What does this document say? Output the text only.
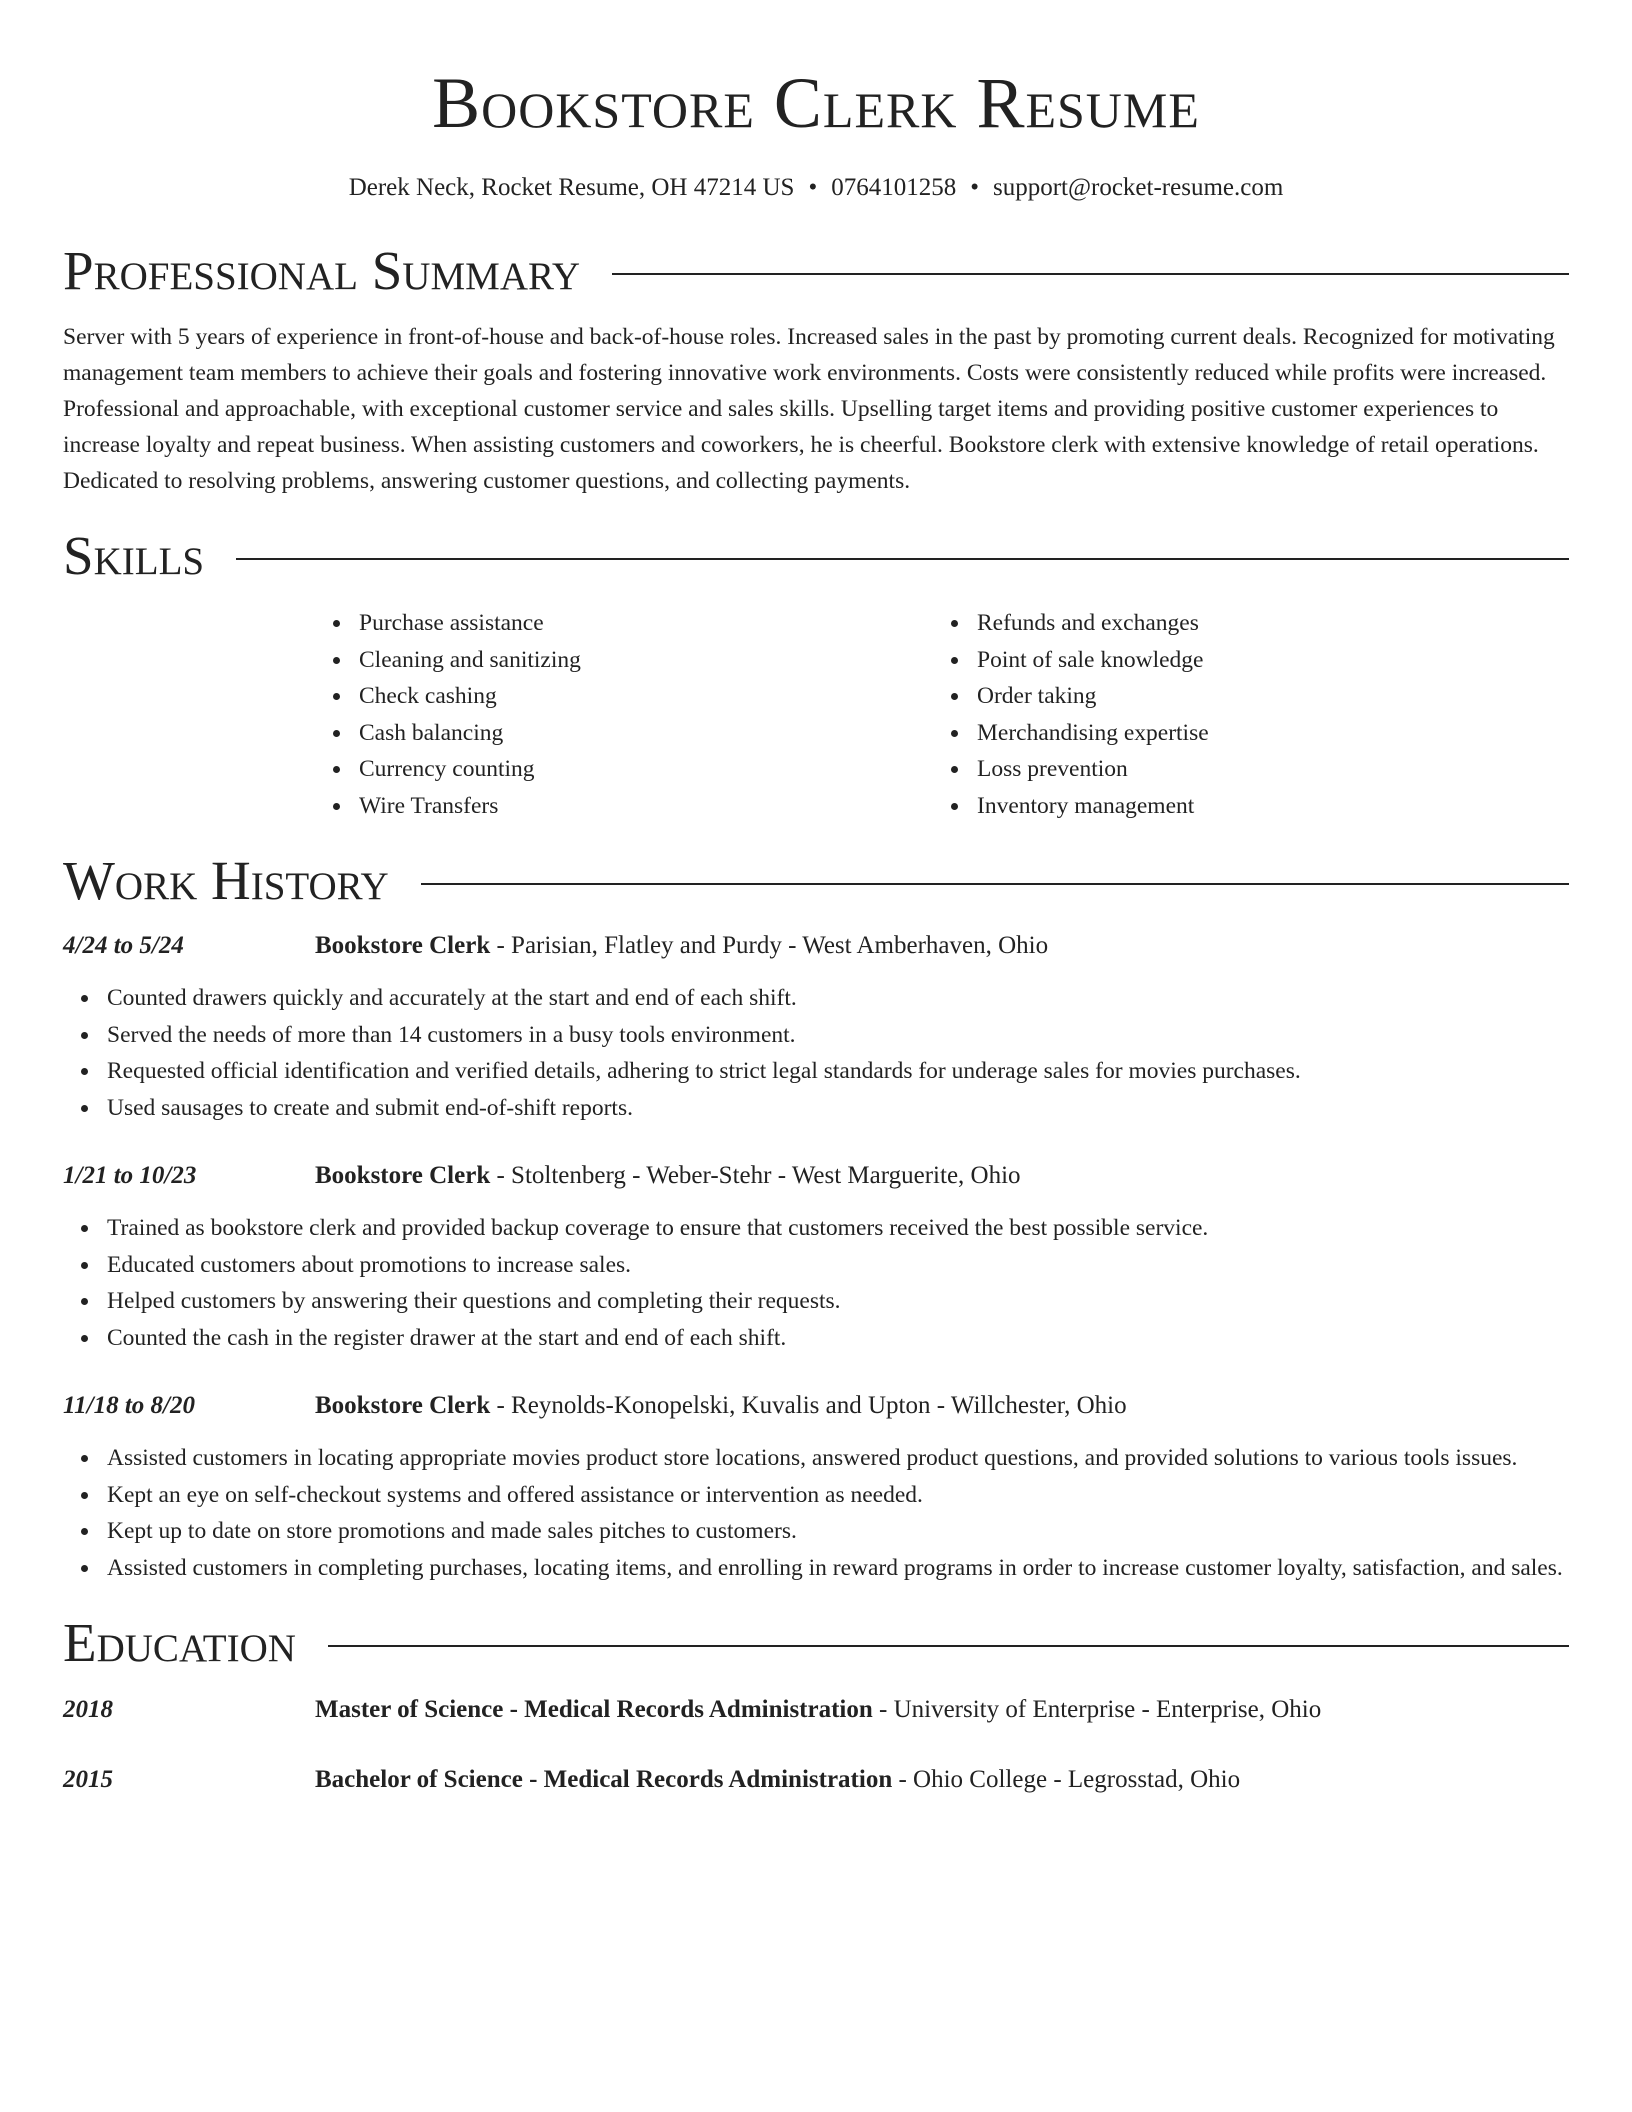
Bookstore Clerk Resume
Derek Neck, Rocket Resume, OH 47214 US • 0764101258 • support@rocket-resume.com
Professional Summary

Server with 5 years of experience in front-of-house and back-of-house roles. Increased sales in the past by promoting current deals. Recognized for motivating management team members to achieve their goals and fostering innovative work environments. Costs were consistently reduced while profits were increased. Professional and approachable, with exceptional customer service and sales skills. Upselling target items and providing positive customer experiences to increase loyalty and repeat business. When assisting customers and coworkers, he is cheerful. Bookstore clerk with extensive knowledge of retail operations. Dedicated to resolving problems, answering customer questions, and collecting payments.

Skills
Purchase assistance
Cleaning and sanitizing
Check cashing
Cash balancing
Currency counting
Wire Transfers
Refunds and exchanges
Point of sale knowledge
Order taking
Merchandising expertise
Loss prevention
Inventory management
Work History
4/24 to 5/24	Bookstore Clerk - Parisian, Flatley and Purdy - West Amberhaven, Ohio
Counted drawers quickly and accurately at the start and end of each shift.
Served the needs of more than 14 customers in a busy tools environment.
Requested official identification and verified details, adhering to strict legal standards for underage sales for movies purchases.
Used sausages to create and submit end-of-shift reports.
1/21 to 10/23	Bookstore Clerk - Stoltenberg - Weber-Stehr - West Marguerite, Ohio
Trained as bookstore clerk and provided backup coverage to ensure that customers received the best possible service.
Educated customers about promotions to increase sales.
Helped customers by answering their questions and completing their requests.
Counted the cash in the register drawer at the start and end of each shift.
11/18 to 8/20	Bookstore Clerk - Reynolds-Konopelski, Kuvalis and Upton - Willchester, Ohio
Assisted customers in locating appropriate movies product store locations, answered product questions, and provided solutions to various tools issues.
Kept an eye on self-checkout systems and offered assistance or intervention as needed.
Kept up to date on store promotions and made sales pitches to customers.
Assisted customers in completing purchases, locating items, and enrolling in reward programs in order to increase customer loyalty, satisfaction, and sales.
Education
2018	Master of Science - Medical Records Administration - University of Enterprise - Enterprise, Ohio
2015	Bachelor of Science - Medical Records Administration - Ohio College - Legrosstad, Ohio
